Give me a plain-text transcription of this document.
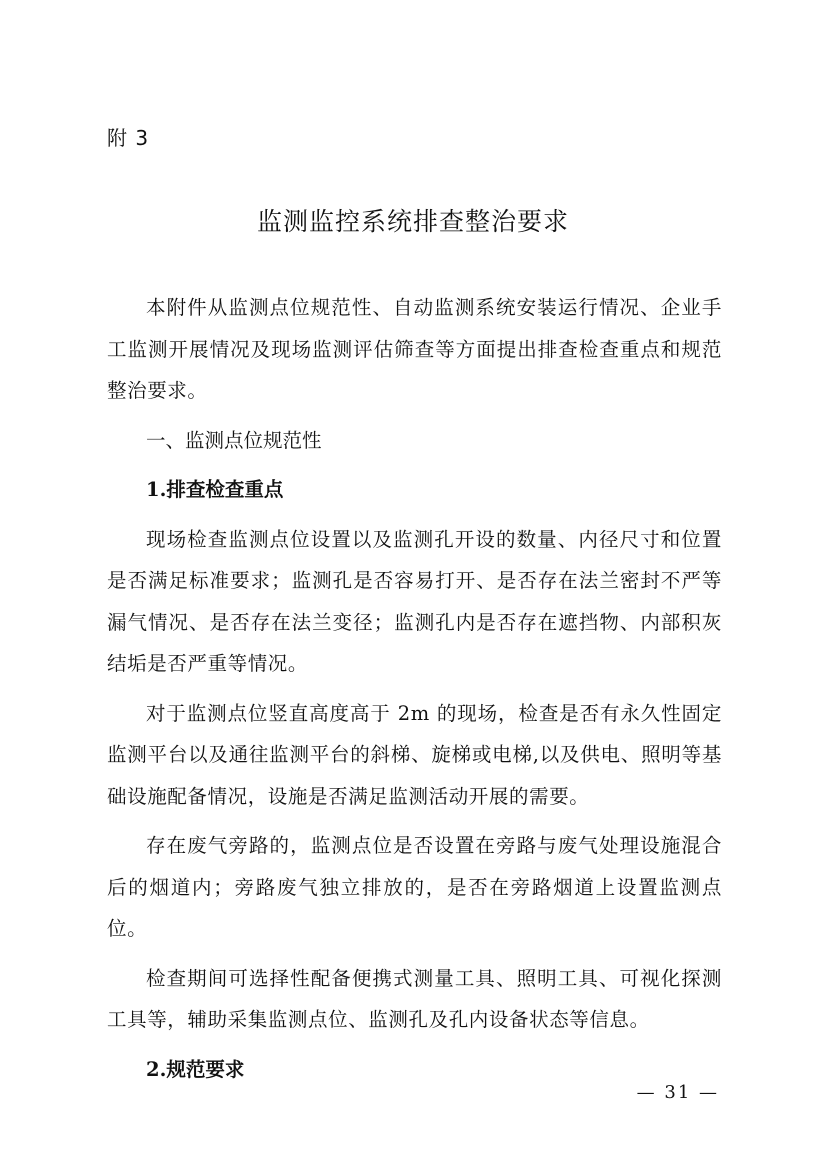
附 3
监测监控系统排查整治要求

本附件从监测点位规范性、自动监测系统安装运行情况、企业手工监测开展情况及现场监测评估筛查等方面提出排查检查重点和规范整治要求。

一、监测点位规范性

1.排查检查重点

现场检查监测点位设置以及监测孔开设的数量、内径尺寸和位置是否满足标准要求；监测孔是否容易打开、是否存在法兰密封不严等漏气情况、是否存在法兰变径；监测孔内是否存在遮挡物、内部积灰结垢是否严重等情况。

对于监测点位竖直高度高于 2m 的现场，检查是否有永久性固定监测平台以及通往监测平台的斜梯、旋梯或电梯,以及供电、照明等基础设施配备情况，设施是否满足监测活动开展的需要。

存在废气旁路的，监测点位是否设置在旁路与废气处理设施混合后的烟道内；旁路废气独立排放的，是否在旁路烟道上设置监测点位。

检查期间可选择性配备便携式测量工具、照明工具、可视化探测工具等，辅助采集监测点位、监测孔及孔内设备状态等信息。

2.规范要求

— 31 —
